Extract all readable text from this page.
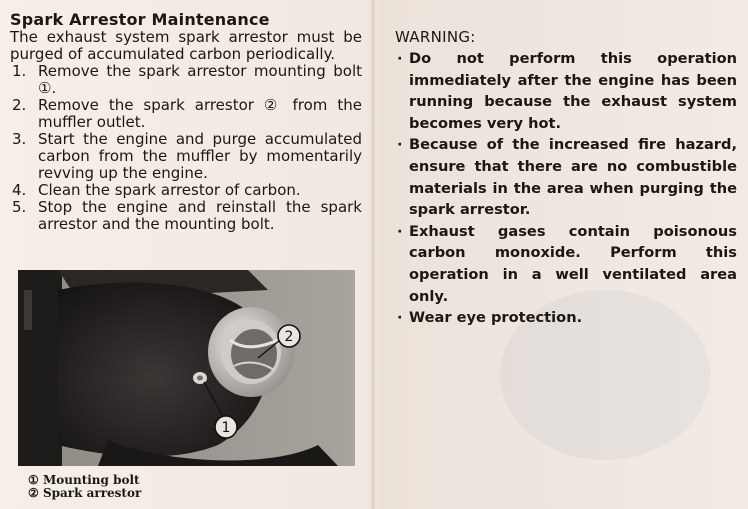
Spark Arrestor Maintenance

The exhaust system spark arrestor must be purged of accumulated carbon periodically.

1. Remove the spark arrestor mounting bolt ①.
2. Remove the spark arrestor ② from the muffler outlet.
3. Start the engine and purge accumulated carbon from the muffler by momentarily revving up the engine.
4. Clean the spark arrestor of carbon.
5. Stop the engine and reinstall the spark arrestor and the mounting bolt.
2
1
① Mounting bolt
② Spark arrestor
WARNING:
· Do not perform this operation immediately after the engine has been running because the exhaust system becomes very hot.
· Because of the increased fire hazard, ensure that there are no combustible materials in the area when purging the spark arrestor.
· Exhaust gases contain poisonous carbon monoxide. Perform this operation in a well ventilated area only.
· Wear eye protection.
